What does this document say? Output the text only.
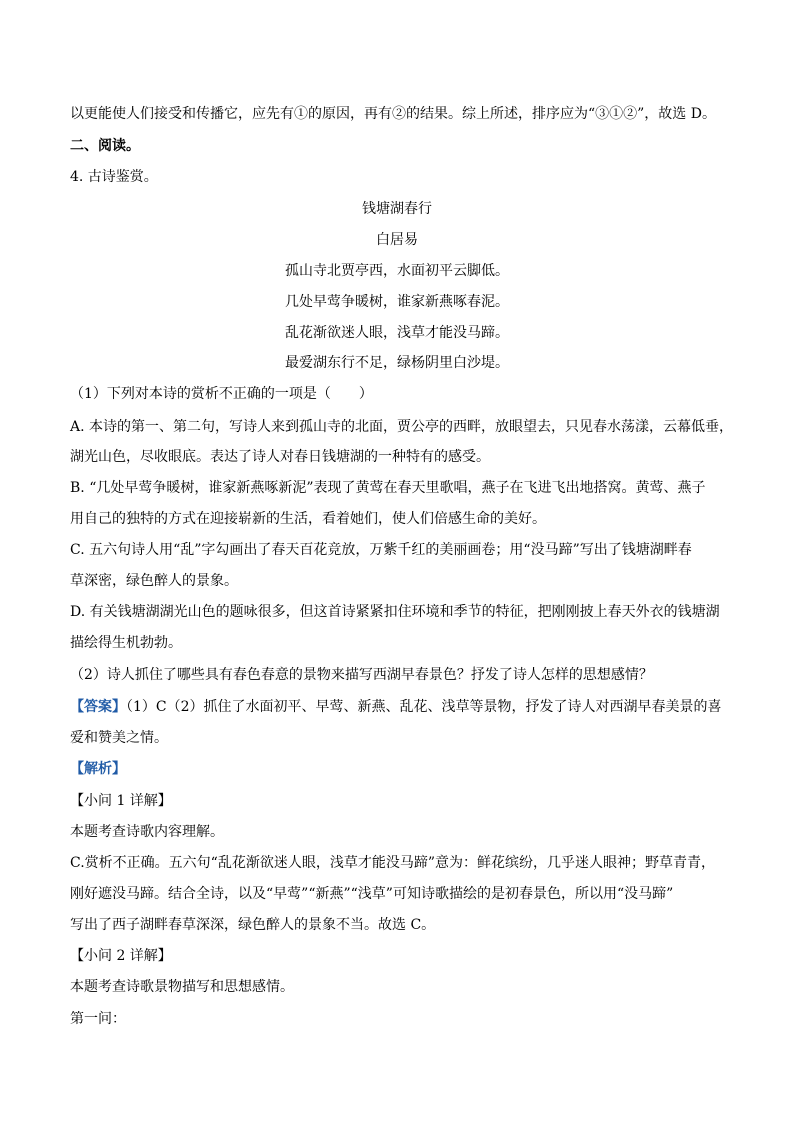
以更能使人们接受和传播它，应先有①的原因，再有②的结果。综上所述，排序应为“③①②”，故选 D。
二、阅读。
4. 古诗鉴赏。
钱塘湖春行
白居易
孤山寺北贾亭西，水面初平云脚低。
几处早莺争暖树，谁家新燕啄春泥。
乱花渐欲迷人眼，浅草才能没马蹄。
最爱湖东行不足，绿杨阴里白沙堤。
（1）下列对本诗的赏析不正确的一项是（　　）
A. 本诗的第一、第二句，写诗人来到孤山寺的北面，贾公亭的西畔，放眼望去，只见春水荡漾，云幕低垂，
湖光山色，尽收眼底。表达了诗人对春日钱塘湖的一种特有的感受。
B. “几处早莺争暖树，谁家新燕啄新泥”表现了黄莺在春天里歌唱，燕子在飞进飞出地搭窝。黄莺、燕子
用自己的独特的方式在迎接崭新的生活，看着她们，使人们倍感生命的美好。
C. 五六句诗人用“乱”字勾画出了春天百花竞放，万紫千红的美丽画卷；用“没马蹄”写出了钱塘湖畔春
草深密，绿色醉人的景象。
D. 有关钱塘湖湖光山色的题咏很多，但这首诗紧紧扣住环境和季节的特征，把刚刚披上春天外衣的钱塘湖
描绘得生机勃勃。
（2）诗人抓住了哪些具有春色春意的景物来描写西湖早春景色？抒发了诗人怎样的思想感情？
【答案】（1）C（2）抓住了水面初平、早莺、新燕、乱花、浅草等景物，抒发了诗人对西湖早春美景的喜
爱和赞美之情。
【解析】
【小问 1 详解】
本题考查诗歌内容理解。
C.赏析不正确。五六句“乱花渐欲迷人眼，浅草才能没马蹄”意为：鲜花缤纷，几乎迷人眼神；野草青青，
刚好遮没马蹄。结合全诗，以及“早莺”“新燕”“浅草”可知诗歌描绘的是初春景色，所以用“没马蹄”
写出了西子湖畔春草深深，绿色醉人的景象不当。故选 C。
【小问 2 详解】
本题考查诗歌景物描写和思想感情。
第一问：
